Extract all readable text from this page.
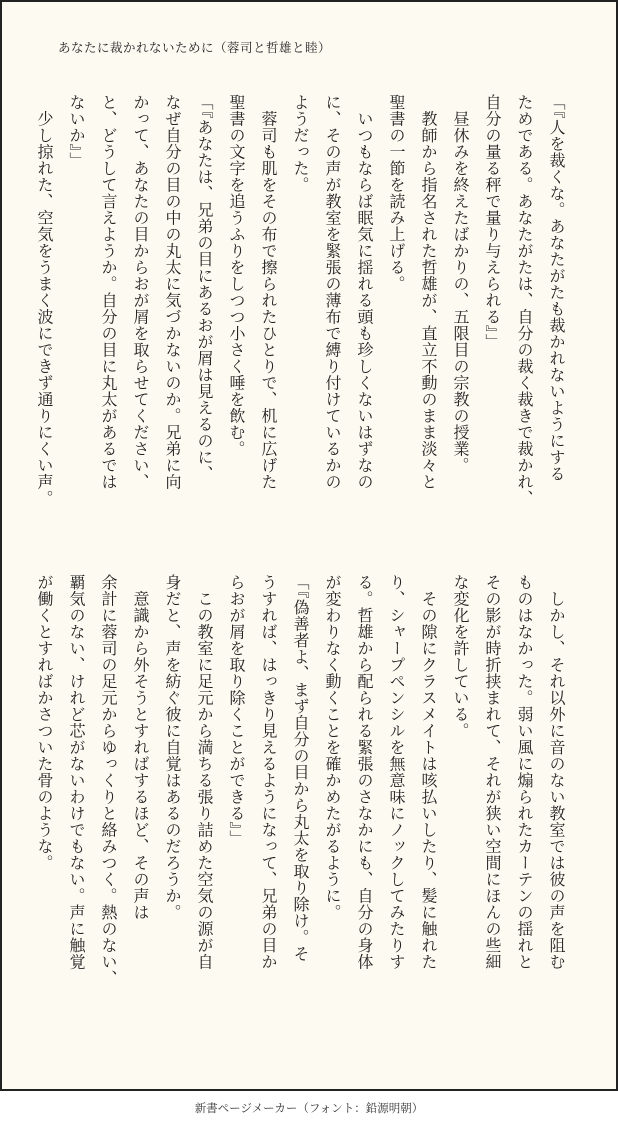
あなたに裁かれないために（蓉司と哲雄と睦）

「『人を裁くな。あなたがたも裁かれないようにする

ためである。あなたがたは、自分の裁く裁きで裁かれ、

自分の量る秤で量り与えられる』」

　昼休みを終えたばかりの、五限目の宗教の授業。

　教師から指名された哲雄が、直立不動のまま淡々と

聖書の一節を読み上げる。

　いつもならば眠気に揺れる頭も珍しくないはずなの

に、その声が教室を緊張の薄布で縛り付けているかの

ようだった。

　蓉司も肌をその布で擦られたひとりで、机に広げた

聖書の文字を追うふりをしつつ小さく唾を飲む。

「『あなたは、兄弟の目にあるおが屑は見えるのに、

なぜ自分の目の中の丸太に気づかないのか。兄弟に向

かって、あなたの目からおが屑を取らせてください、

と、どうして言えようか。自分の目に丸太があるでは

ないか』」

　少し掠れた、空気をうまく波にできず通りにくい声。

　しかし、それ以外に音のない教室では彼の声を阻む

ものはなかった。弱い風に煽られたカーテンの揺れと

その影が時折挟まれて、それが狭い空間にほんの些細

な変化を許している。

　その隙にクラスメイトは咳払いしたり、髪に触れた

り、シャープペンシルを無意味にノックしてみたりす

る。哲雄から配られる緊張のさなかにも、自分の身体

が変わりなく動くことを確かめたがるように。

「『偽善者よ、まず自分の目から丸太を取り除け。そ

うすれば、はっきり見えるようになって、兄弟の目か

らおが屑を取り除くことができる』」

　この教室に足元から満ちる張り詰めた空気の源が自

身だと、声を紡ぐ彼に自覚はあるのだろうか。

　意識から外そうとすればするほど、その声は

余計に蓉司の足元からゆっくりと絡みつく。熱のない、

覇気のない、けれど芯がないわけでもない。声に触覚

が働くとすればかさついた骨のような。

新書ページメーカー（フォント：鉛源明朝）
